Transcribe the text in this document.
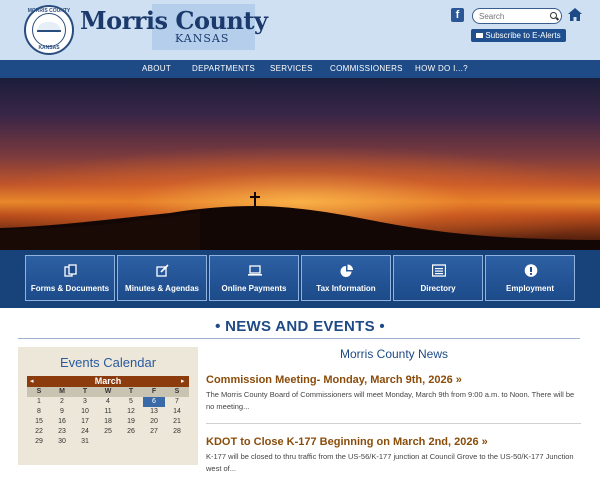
MORRIS COUNTY
KANSAS
Morris County
KANSAS
f
Search
Subscribe to E-Alerts
ABOUT	DEPARTMENTS SERVICES COMMISSIONERS HOW DO I...?
Forms & Documents	Minutes & Agendas	Online Payments	Tax Information	Directory	Employment
• NEWS AND EVENTS •
Events Calendar
◂	March	▸
S	M	T	W	T	F	S
1	2	3	4	5	6	7
8	9	10	11	12	13	14
15	16	17	18	19	20	21
22	23	24	25	26	27	28
29	30	31
Morris County News
Commission Meeting- Monday, March 9th, 2026 »
The Morris County Board of Commissioners will meet Monday, March 9th from 9:00 a.m. to Noon. There will be no meeting...
KDOT to Close K-177 Beginning on March 2nd, 2026 »
K-177 will be closed to thru traffic from the US-56/K-177 junction at Council Grove to the US-50/K-177 Junction west of...
